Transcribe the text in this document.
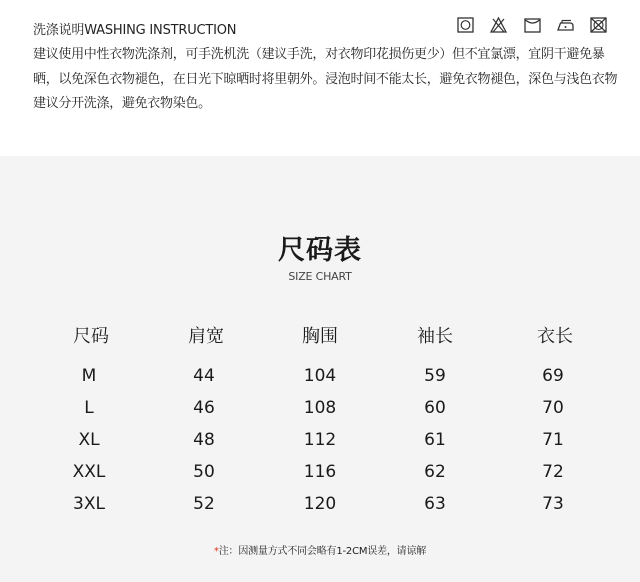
洗涤说明WASHING INSTRUCTION
建议使用中性衣物洗涤剂，可手洗机洗（建议手洗，对衣物印花损伤更少）但不宜氯漂，宜阴干避免暴晒，以免深色衣物褪色，在日光下晾晒时将里朝外。浸泡时间不能太长，避免衣物褪色，深色与浅色衣物建议分开洗涤，避免衣物染色。
尺码表
SIZE CHART
尺码	肩宽	胸围	袖长	衣长
M	44	104	59	69
L	46	108	60	70
XL	48	112	61	71
XXL	50	116	62	72
3XL	52	120	63	73
*注：因测量方式不同会略有1-2CM误差，请谅解
